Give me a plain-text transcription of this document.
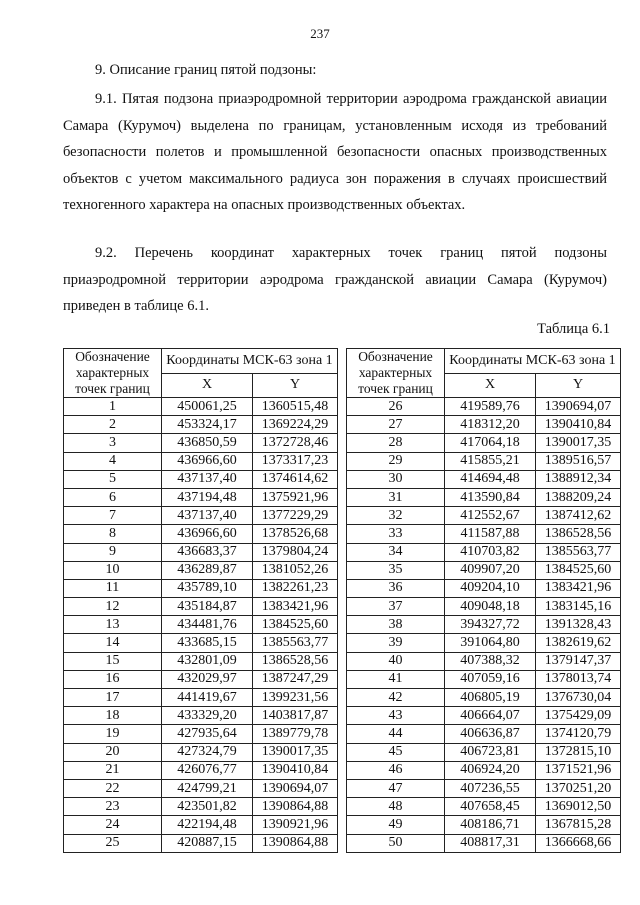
237
9. Описание границ пятой подзоны:

9.1. Пятая подзона приаэродромной территории аэродрома гражданской авиации Самара (Курумоч) выделена по границам, установленным исходя из требований безопасности полетов и промышленной безопасности опасных производственных объектов с учетом максимального радиуса зон поражения в случаях происшествий техногенного характера на опасных производственных объектах.

9.2. Перечень координат характерных точек границ пятой подзоны приаэродромной территории аэродрома гражданской авиации Самара (Курумоч) приведен в таблице 6.1.

Таблица 6.1
Обозначение характерных точек границ	Координаты МСК-63 зона 1	
	X	Y
1	450061,25	1360515,48
2	453324,17	1369224,29
3	436850,59	1372728,46
4	436966,60	1373317,23
5	437137,40	1374614,62
6	437194,48	1375921,96
7	437137,40	1377229,29
8	436966,60	1378526,68
9	436683,37	1379804,24
10	436289,87	1381052,26
11	435789,10	1382261,23
12	435184,87	1383421,96
13	434481,76	1384525,60
14	433685,15	1385563,77
15	432801,09	1386528,56
16	432029,97	1387247,29
17	441419,67	1399231,56
18	433329,20	1403817,87
19	427935,64	1389779,78
20	427324,79	1390017,35
21	426076,77	1390410,84
22	424799,21	1390694,07
23	423501,82	1390864,88
24	422194,48	1390921,96
25	420887,15	1390864,88
Обозначение характерных точек границ	Координаты МСК-63 зона 1	
	X	Y
26	419589,76	1390694,07
27	418312,20	1390410,84
28	417064,18	1390017,35
29	415855,21	1389516,57
30	414694,48	1388912,34
31	413590,84	1388209,24
32	412552,67	1387412,62
33	411587,88	1386528,56
34	410703,82	1385563,77
35	409907,20	1384525,60
36	409204,10	1383421,96
37	409048,18	1383145,16
38	394327,72	1391328,43
39	391064,80	1382619,62
40	407388,32	1379147,37
41	407059,16	1378013,74
42	406805,19	1376730,04
43	406664,07	1375429,09
44	406636,87	1374120,79
45	406723,81	1372815,10
46	406924,20	1371521,96
47	407236,55	1370251,20
48	407658,45	1369012,50
49	408186,71	1367815,28
50	408817,31	1366668,66
